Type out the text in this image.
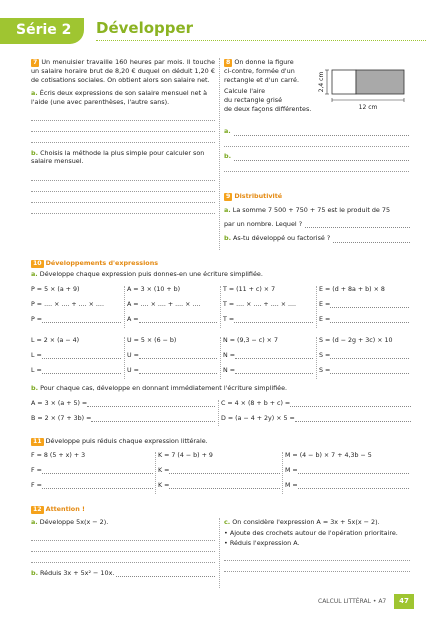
Série 2 Développer
7 Un menuisier travaille 160 heures par mois. Il touche un salaire horaire brut de 8,20 € duquel on déduit 1,20 € de cotisations sociales. On obtient alors son salaire net.
a. Écris deux expressions de son salaire mensuel net à l'aide (une avec parenthèses, l'autre sans).
b. Choisis la méthode la plus simple pour calculer son salaire mensuel.
8 On donne la figure
ci-contre, formée d'un
rectangle et d'un carré.
Calcule l'aire
du rectangle grisé
de deux façons différentes.
2,4 cm
12 cm
a.
b.
9 Distributivité
a. La somme 7 500 + 750 + 75 est le produit de 75
par un nombre. Lequel ?
b. As-tu développé ou factorisé ?
10 Développements d'expressions
a. Développe chaque expression puis donnes-en une écriture simplifiée.
P = 5 × (a + 9)	A = 3 × (10 + b)	T = (11 + c) × 7	E = (d + 8a + b) × 8
P = .... × .... + .... × ....	A = .... × .... + .... × ....	T = .... × .... + .... × ....	E =
P =	A =	T =	E =
L = 2 × (a − 4)	U = 5 × (6 − b)	N = (9,3 − c) × 7	S = (d − 2g + 3c) × 10
L =	U =	N =	S =
L =	U =	N =	S =
b. Pour chaque cas, développe en donnant immédiatement l'écriture simplifiée.
A = 3 × (a + 5) =	C = 4 × (8 + b + c) =
B = 2 × (7 + 3b) =	D = (a − 4 + 2y) × 5 =
11 Développe puis réduis chaque expression littérale.
F = 8 (5 + x) + 3	K = 7 (4 − b) + 9	M = (4 − b) × 7 + 4,3b − 5
F =	K =	M =
F =	K =	M =
12 Attention !
a. Développe 5x(x − 2).
b. Réduis 3x + 5x² − 10x.
c. On considère l'expression A = 3x + 5x(x − 2).
• Ajoute des crochets autour de l'opération prioritaire.
• Réduis l'expression A.
CALCUL LITTÉRAL • A7	47
